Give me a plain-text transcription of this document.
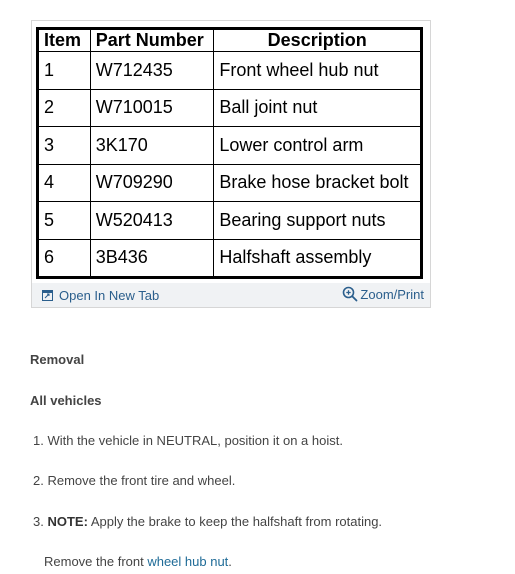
Item	Part Number	Description
1	W712435	Front wheel hub nut
2	W710015	Ball joint nut
3	3K170	Lower control arm
4	W709290	Brake hose bracket bolt
5	W520413	Bearing support nuts
6	3B436	Halfshaft assembly
Open In New Tab	Zoom/Print
Removal
All vehicles
1. With the vehicle in NEUTRAL, position it on a hoist.
2. Remove the front tire and wheel.
3. NOTE: Apply the brake to keep the halfshaft from rotating.
Remove the front wheel hub nut.
